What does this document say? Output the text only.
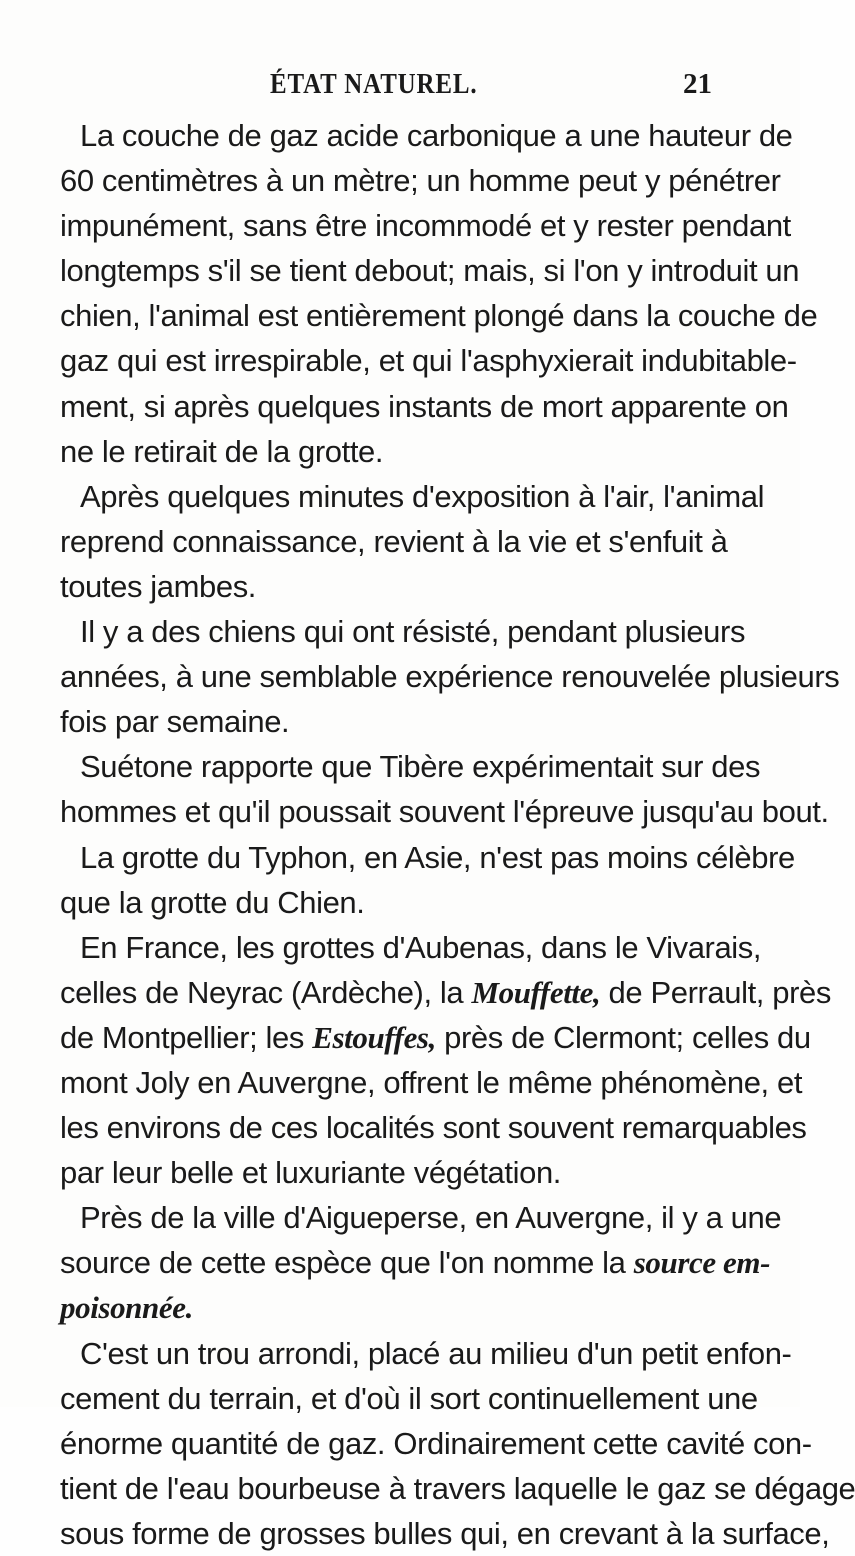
ÉTAT NATUREL.	21
La couche de gaz acide carbonique a une hauteur de
60 centimètres à un mètre; un homme peut y pénétrer
impunément, sans être incommodé et y rester pendant
longtemps s'il se tient debout; mais, si l'on y introduit un
chien, l'animal est entièrement plongé dans la couche de
gaz qui est irrespirable, et qui l'asphyxierait indubitable-
ment, si après quelques instants de mort apparente on
ne le retirait de la grotte.
Après quelques minutes d'exposition à l'air, l'animal
reprend connaissance, revient à la vie et s'enfuit à
toutes jambes.
Il y a des chiens qui ont résisté, pendant plusieurs
années, à une semblable expérience renouvelée plusieurs
fois par semaine.
Suétone rapporte que Tibère expérimentait sur des
hommes et qu'il poussait souvent l'épreuve jusqu'au bout.
La grotte du Typhon, en Asie, n'est pas moins célèbre
que la grotte du Chien.
En France, les grottes d'Aubenas, dans le Vivarais,
celles de Neyrac (Ardèche), la Mouffette, de Perrault, près
de Montpellier; les Estouffes, près de Clermont; celles du
mont Joly en Auvergne, offrent le même phénomène, et
les environs de ces localités sont souvent remarquables
par leur belle et luxuriante végétation.
Près de la ville d'Aigueperse, en Auvergne, il y a une
source de cette espèce que l'on nomme la source em-
poisonnée.
C'est un trou arrondi, placé au milieu d'un petit enfon-
cement du terrain, et d'où il sort continuellement une
énorme quantité de gaz. Ordinairement cette cavité con-
tient de l'eau bourbeuse à travers laquelle le gaz se dégage
sous forme de grosses bulles qui, en crevant à la surface,
